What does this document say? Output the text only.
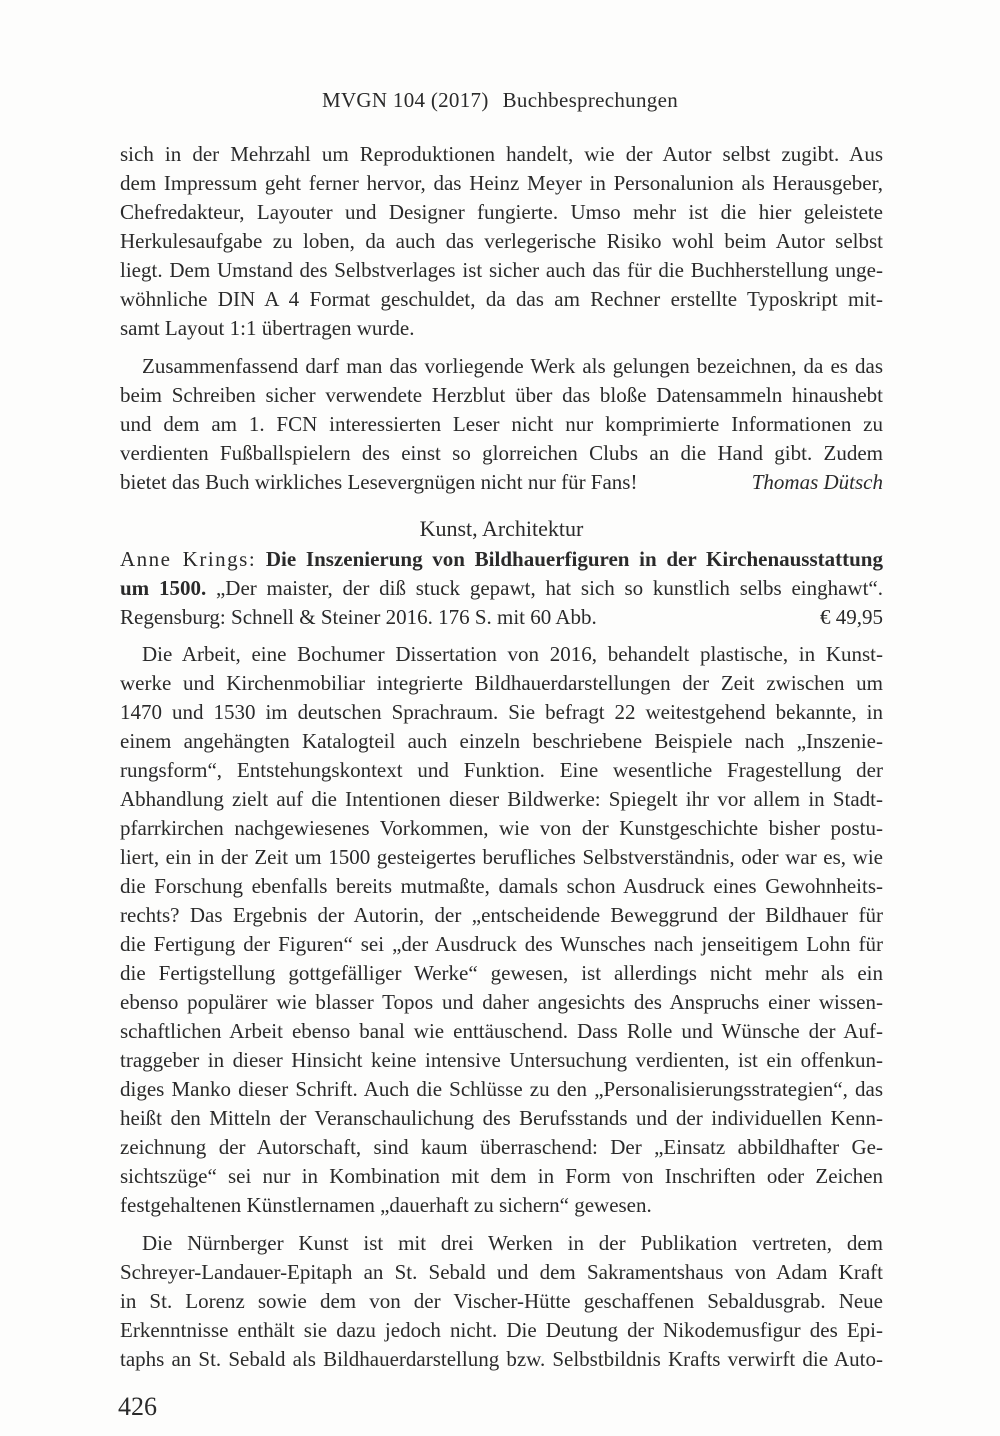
MVGN 104 (2017) Buchbesprechungen
sich in der Mehrzahl um Reproduktionen handelt, wie der Autor selbst zugibt. Aus
dem Impressum geht ferner hervor, das Heinz Meyer in Personalunion als Herausgeber,
Chefredakteur, Layouter und Designer fungierte. Umso mehr ist die hier geleistete
Herkulesaufgabe zu loben, da auch das verlegerische Risiko wohl beim Autor selbst
liegt. Dem Umstand des Selbstverlages ist sicher auch das für die Buchherstellung unge-
wöhnliche DIN A 4 Format geschuldet, da das am Rechner erstellte Typoskript mit-
samt Layout 1:1 übertragen wurde.
Zusammenfassend darf man das vorliegende Werk als gelungen bezeichnen, da es das
beim Schreiben sicher verwendete Herzblut über das bloße Datensammeln hinaushebt
und dem am 1. FCN interessierten Leser nicht nur komprimierte Informationen zu
verdienten Fußballspielern des einst so glorreichen Clubs an die Hand gibt. Zudem
bietet das Buch wirkliches Lesevergnügen nicht nur für Fans!	Thomas Dütsch
Kunst, Architektur
Anne Krings: Die Inszenierung von Bildhauerfiguren in der Kirchenausstattung
um 1500. „Der maister, der diß stuck gepawt, hat sich so kunstlich selbs einghawt“.
Regensburg: Schnell & Steiner 2016. 176 S. mit 60 Abb.	€ 49,95
Die Arbeit, eine Bochumer Dissertation von 2016, behandelt plastische, in Kunst-
werke und Kirchenmobiliar integrierte Bildhauerdarstellungen der Zeit zwischen um
1470 und 1530 im deutschen Sprachraum. Sie befragt 22 weitestgehend bekannte, in
einem angehängten Katalogteil auch einzeln beschriebene Beispiele nach „Inszenie-
rungsform“, Entstehungskontext und Funktion. Eine wesentliche Fragestellung der
Abhandlung zielt auf die Intentionen dieser Bildwerke: Spiegelt ihr vor allem in Stadt-
pfarrkirchen nachgewiesenes Vorkommen, wie von der Kunstgeschichte bisher postu-
liert, ein in der Zeit um 1500 gesteigertes berufliches Selbstverständnis, oder war es, wie
die Forschung ebenfalls bereits mutmaßte, damals schon Ausdruck eines Gewohnheits-
rechts? Das Ergebnis der Autorin, der „entscheidende Beweggrund der Bildhauer für
die Fertigung der Figuren“ sei „der Ausdruck des Wunsches nach jenseitigem Lohn für
die Fertigstellung gottgefälliger Werke“ gewesen, ist allerdings nicht mehr als ein
ebenso populärer wie blasser Topos und daher angesichts des Anspruchs einer wissen-
schaftlichen Arbeit ebenso banal wie enttäuschend. Dass Rolle und Wünsche der Auf-
traggeber in dieser Hinsicht keine intensive Untersuchung verdienten, ist ein offenkun-
diges Manko dieser Schrift. Auch die Schlüsse zu den „Personalisierungsstrategien“, das
heißt den Mitteln der Veranschaulichung des Berufsstands und der individuellen Kenn-
zeichnung der Autorschaft, sind kaum überraschend: Der „Einsatz abbildhafter Ge-
sichtszüge“ sei nur in Kombination mit dem in Form von Inschriften oder Zeichen
festgehaltenen Künstlernamen „dauerhaft zu sichern“ gewesen.
Die Nürnberger Kunst ist mit drei Werken in der Publikation vertreten, dem
Schreyer-Landauer-Epitaph an St. Sebald und dem Sakramentshaus von Adam Kraft
in St. Lorenz sowie dem von der Vischer-Hütte geschaffenen Sebaldusgrab. Neue
Erkenntnisse enthält sie dazu jedoch nicht. Die Deutung der Nikodemusfigur des Epi-
taphs an St. Sebald als Bildhauerdarstellung bzw. Selbstbildnis Krafts verwirft die Auto-
426
